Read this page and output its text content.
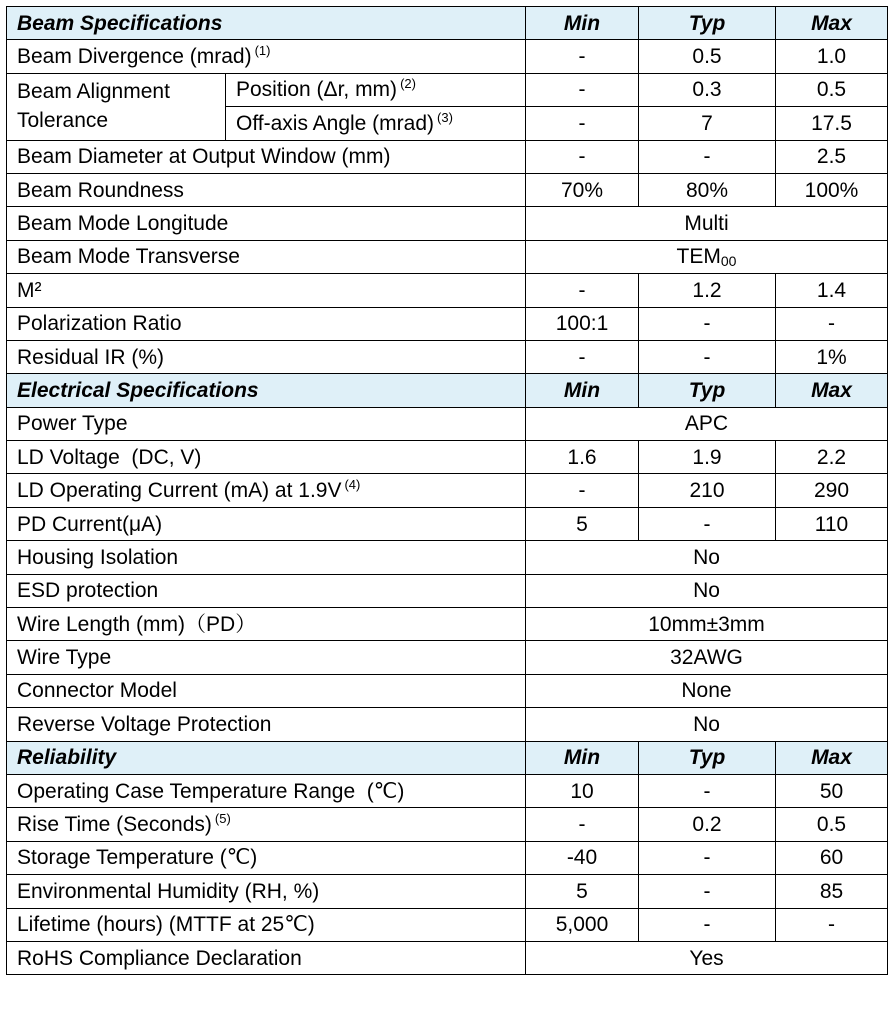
Beam Specifications		Min	Typ	Max
Beam Divergence (mrad) $^{(1)}$		-	0.5	1.0
Beam Alignment Tolerance	Position (Δr, mm) $^{(2)}$	-	0.3	0.5
	Off-axis Angle (mrad) $^{(3)}$	-	7	17.5
Beam Diameter at Output Window (mm)		-	-	2.5
Beam Roundness		70%	80%	100%
Beam Mode Longitude		Multi		
Beam Mode Transverse		$TEM_{00}$
M²		-	1.2	1.4
Polarization Ratio		100:1	-	-
Residual IR (%)		-	-	1%
Electrical Specifications		Min	Typ	Max
Power Type		APC		
LD Voltage  (DC, V)		1.6	1.9	2.2
LD Operating Current (mA) at 1.9V $^{(4)}$		-	210	290
PD Current(μA)		5	-	110
Housing Isolation		No		
ESD protection		No		
Wire Length (mm)（PD）		10mm±3mm		
Wire Type		32AWG		
Connector Model		None		
Reverse Voltage Protection		No		
Reliability		Min	Typ	Max
Operating Case Temperature Range  (℃)		10	-	50
Rise Time (Seconds) $^{(5)}$		-	0.2	0.5
Storage Temperature (℃)		-40	-	60
Environmental Humidity (RH, %)		5	-	85
Lifetime (hours) (MTTF at 25℃)		5,000	-	-
RoHS Compliance Declaration		Yes		
